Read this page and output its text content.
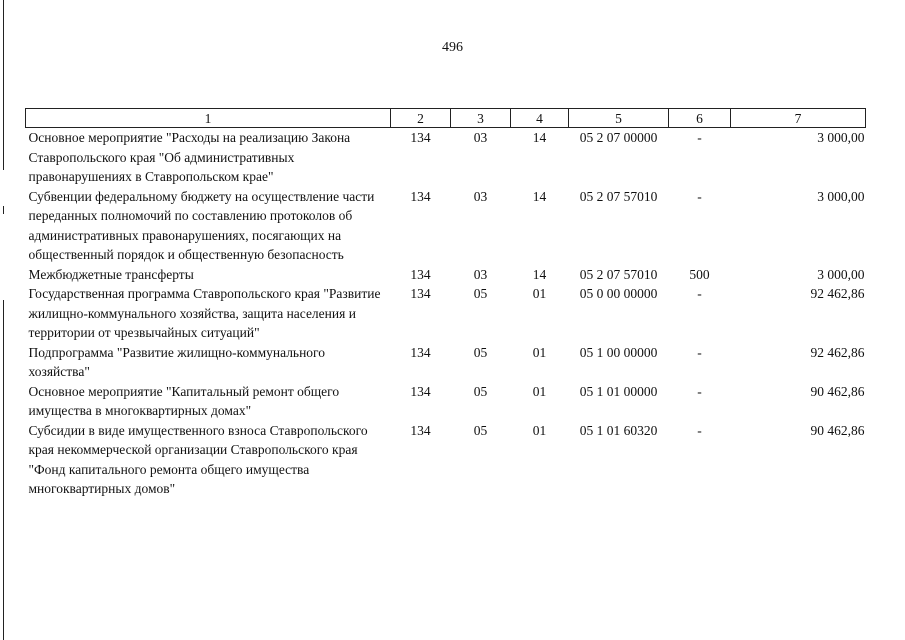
496
1	2	3	4	5	6	7
Основное мероприятие "Расходы на реализацию Закона Ставропольского края "Об административных правонарушениях в Ставропольском крае"	134	03	14	05 2 07 00000	-	3 000,00
Субвенции федеральному бюджету на осуществление части переданных полномочий по составлению протоколов об административных правонарушениях, посягающих на общественный порядок и общественную безопасность	134	03	14	05 2 07 57010	-	3 000,00
Межбюджетные трансферты	134	03	14	05 2 07 57010	500	3 000,00
Государственная программа Ставропольского края "Развитие жилищно-коммунального хозяйства, защита населения и территории от чрезвычайных ситуаций"	134	05	01	05 0 00 00000	-	92 462,86
Подпрограмма "Развитие жилищно-коммунального хозяйства"	134	05	01	05 1 00 00000	-	92 462,86
Основное мероприятие "Капитальный ремонт общего имущества в многоквартирных домах"	134	05	01	05 1 01 00000	-	90 462,86
Субсидии в виде имущественного взноса Ставропольского края некоммерческой организации Ставропольского края "Фонд капитального ремонта общего имущества многоквартирных домов"	134	05	01	05 1 01 60320	-	90 462,86
